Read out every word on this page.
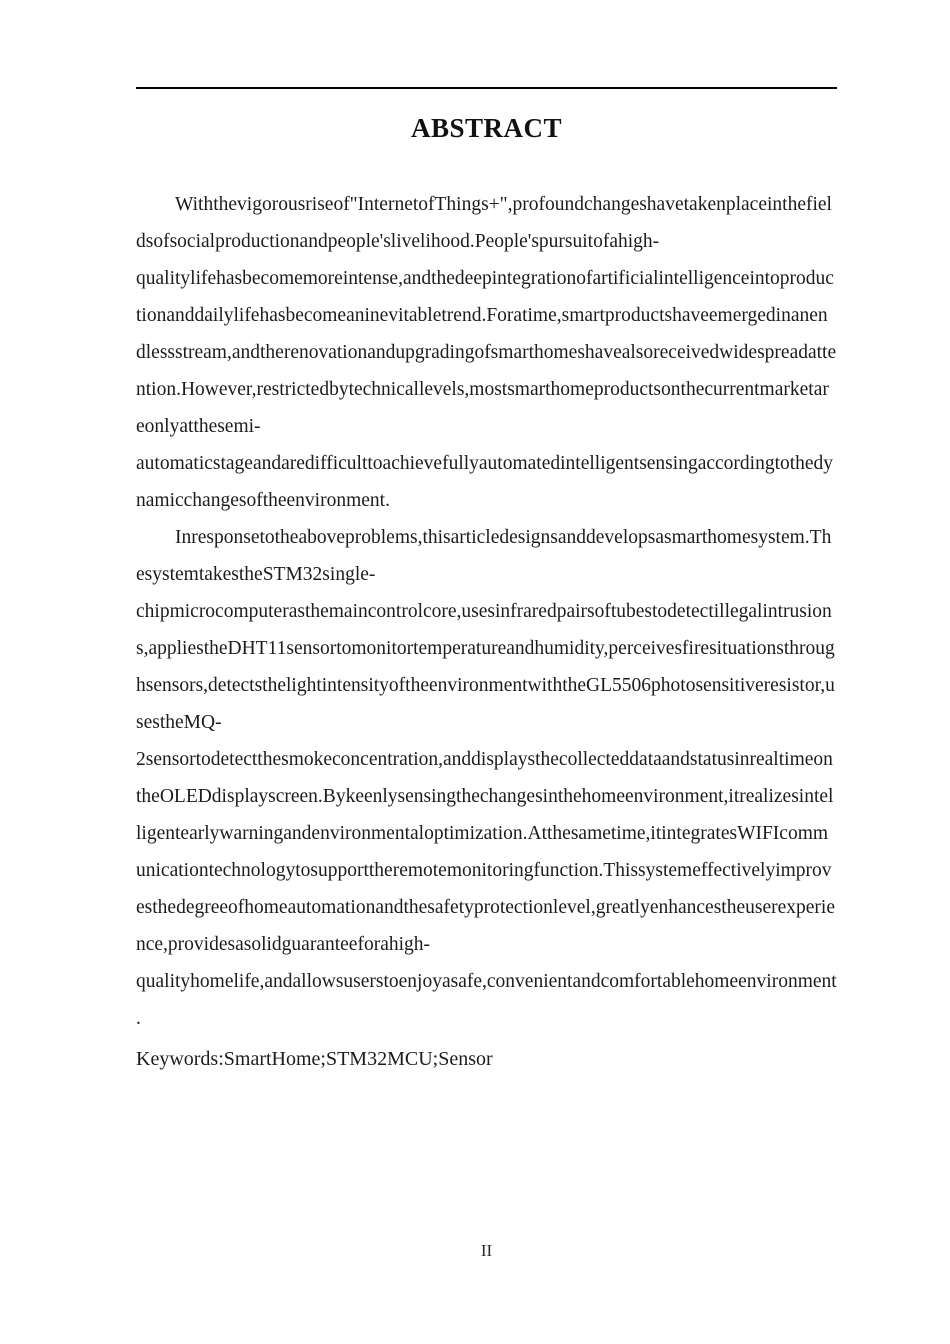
ABSTRACT

Withthevigorousriseof"InternetofThings+",profoundchangeshavetakenplaceinthefieldsofsocialproductionandpeople'slivelihood.People'spursuitofahigh-qualitylifehasbecomemoreintense,andthedeepintegrationofartificialintelligenceintoproductionanddailylifehasbecomeaninevitabletrend.Foratime,smartproductshaveemergedinanendlessstream,andtherenovationandupgradingofsmarthomeshavealsoreceivedwidespreadattention.However,restrictedbytechnicallevels,mostsmarthomeproductsonthecurrentmarketareonlyatthesemi-automaticstageandaredifficulttoachievefullyautomatedintelligentsensingaccordingtothedynamicchangesoftheenvironment.

Inresponsetotheaboveproblems,thisarticledesignsanddevelopsasmarthomesystem.ThesystemtakestheSTM32single-chipmicrocomputerasthemaincontrolcore,usesinfraredpairsoftubestodetectillegalintrusions,appliestheDHT11sensortomonitortemperatureandhumidity,perceivesfiresituationsthroughsensors,detectsthelightintensityoftheenvironmentwiththeGL5506photosensitiveresistor,usestheMQ-2sensortodetectthesmokeconcentration,anddisplaysthecollecteddataandstatusinrealtimeontheOLEDdisplayscreen.Bykeenlysensingthechangesinthehomeenvironment,itrealizesintelligentearlywarningandenvironmentaloptimization.Atthesametime,itintegratesWIFIcommunicationtechnologytosupporttheremotemonitoringfunction.Thissystemeffectivelyimprovesthedegreeofhomeautomationandthesafetyprotectionlevel,greatlyenhancestheuserexperience,providesasolidguaranteeforahigh-qualityhomelife,andallowsuserstoenjoyasafe,convenientandcomfortablehomeenvironment.

Keywords:SmartHome;STM32MCU;Sensor

II
